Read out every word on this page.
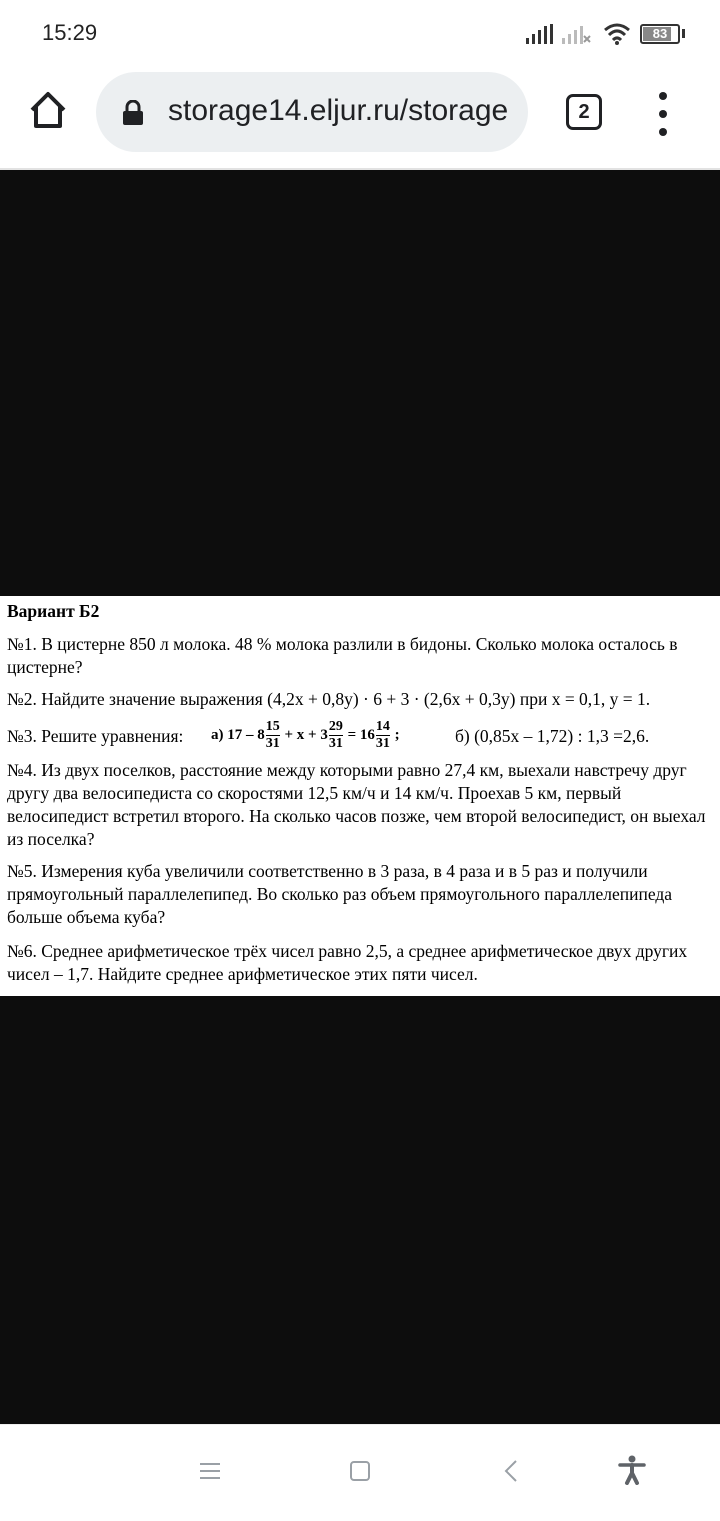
15:29	83
storage14.eljur.ru/storage	2
Вариант Б2
№1. В цистерне 850 л молока. 48 % молока разлили в бидоны. Сколько молока осталось в цистерне?
№2. Найдите значение выражения (4,2х + 0,8у) · 6 + 3 · (2,6х + 0,3у) при х = 0,1, у = 1.
№3. Решите уравнения: а) $17 - 8 \frac{15}{31} + x + 3 \frac{29}{31} = 16 \frac{14}{31}$ ;	б) (0,85х – 1,72) : 1,3 =2,6.
№4. Из двух поселков, расстояние между которыми равно 27,4 км, выехали навстречу друг другу два велосипедиста со скоростями 12,5 км/ч и 14 км/ч. Проехав 5 км, первый велосипедист встретил второго. На сколько часов позже, чем второй велосипедист, он выехал из поселка?
№5. Измерения куба увеличили соответственно в 3 раза, в 4 раза и в 5 раз и получили прямоугольный параллелепипед. Во сколько раз объем прямоугольного параллелепипеда больше объема куба?
№6. Среднее арифметическое трёх чисел равно 2,5, а среднее арифметическое двух других чисел – 1,7. Найдите среднее арифметическое этих пяти чисел.
